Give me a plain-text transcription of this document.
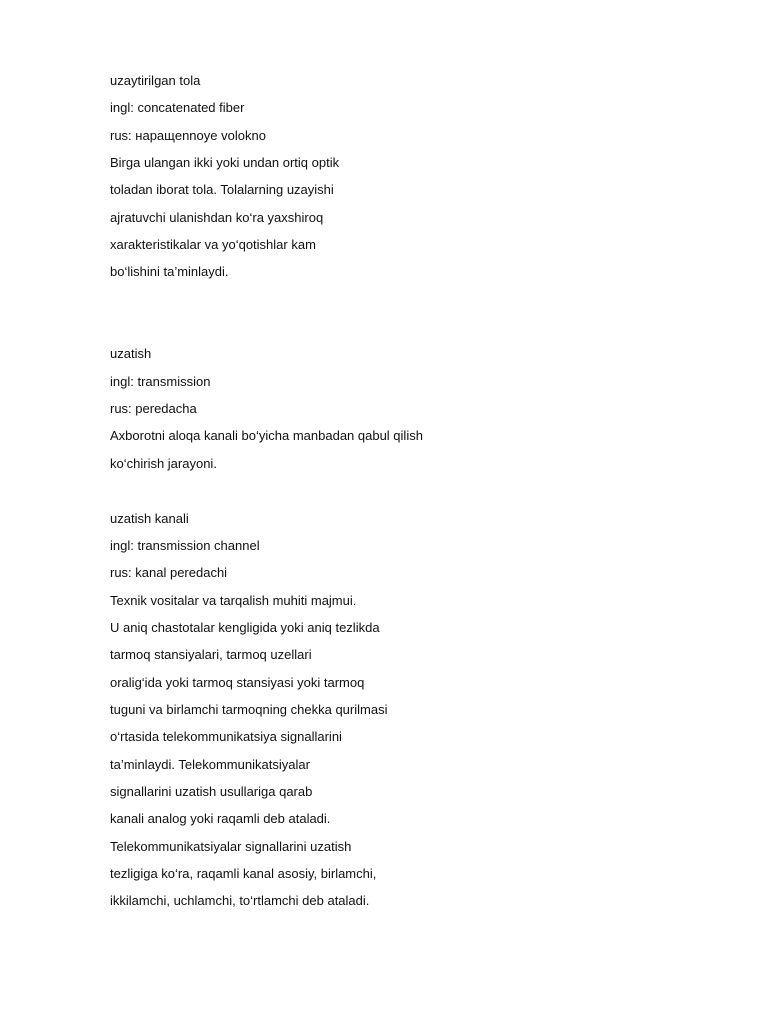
uzaytirilgan tola
ingl: concatenated fiber
rus: наращennoye volokno
Birga ulangan ikki yoki undan ortiq optik
toladan iborat tola. Tolalarning uzayishi
ajratuvchi ulanishdan ko‘ra yaxshiroq
xarakteristikalar va yo‘qotishlar kam
bo‘lishini ta’minlaydi.
uzatish
ingl: transmission
rus: peredacha
Axborotni aloqa kanali bo‘yicha manbadan qabul qilish
ko‘chirish jarayoni.
uzatish kanali
ingl: transmission channel
rus: kanal peredachi
Texnik vositalar va tarqalish muhiti majmui.
U aniq chastotalar kengligida yoki aniq tezlikda
tarmoq stansiyalari, tarmoq uzellari
oralig‘ida yoki tarmoq stansiyasi yoki tarmoq
tuguni va birlamchi tarmoqning chekka qurilmasi
o‘rtasida telekommunikatsiya signallarini
ta’minlaydi. Telekommunikatsiyalar
signallarini uzatish usullariga qarab
kanali analog yoki raqamli deb ataladi.
Telekommunikatsiyalar signallarini uzatish
tezligiga ko‘ra, raqamli kanal asosiy, birlamchi,
ikkilamchi, uchlamchi, to‘rtlamchi deb ataladi.
